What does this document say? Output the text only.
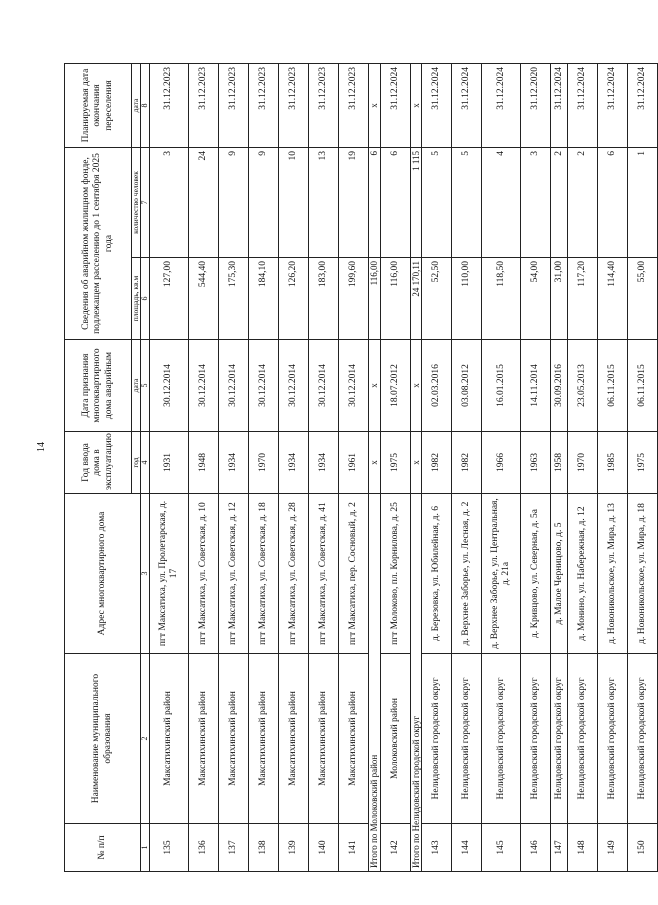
14
№ п/п	Наименование муниципального образования	Адрес многоквартирного дома	Год ввода дома в эксплуатацию	Дата признания многоквартирного дома аварийным	Сведения об аварийном жилищном фонде, подлежащем расселению до 1 сентября 2025 года		Планируемая дата окончания переселения
			год	дата	площадь, кв.м	количество человек	дата
1	2	3	4	5	6	7	8
135	Максатихинский район	пгт Максатиха, ул. Пролетарская, д. 17	1931	30.12.2014	127,00	3	31.12.2023
136	Максатихинский район	пгт Максатиха, ул. Советская, д. 10	1948	30.12.2014	544,40	24	31.12.2023
137	Максатихинский район	пгт Максатиха, ул. Советская, д. 12	1934	30.12.2014	175,30	9	31.12.2023
138	Максатихинский район	пгт Максатиха, ул. Советская, д. 18	1970	30.12.2014	184,10	9	31.12.2023
139	Максатихинский район	пгт Максатиха, ул. Советская, д. 28	1934	30.12.2014	126,20	10	31.12.2023
140	Максатихинский район	пгт Максатиха, ул. Советская, д. 41	1934	30.12.2014	183,00	13	31.12.2023
141	Максатихинский район	пгт Максатиха, пер. Сосновый, д. 2	1961	30.12.2014	199,60	19	31.12.2023
Итого по Молоковский район			x	x	116,00	6	x
142	Молоковский район	пгт Молоково, пл. Корнилова, д. 25	1975	18.07.2012	116,00	6	31.12.2024
Итого по Нелидовский городской округ			x	x	24 170,11	1 115	x
143	Нелидовский городской округ	д. Березовка, ул. Юбилейная, д. 6	1982	02.03.2016	52,50	5	31.12.2024
144	Нелидовский городской округ	д. Верхнее Заборье, ул. Лесная, д. 2	1982	03.08.2012	110,00	5	31.12.2024
145	Нелидовский городской округ	д. Верхнее Заборье, ул. Центральная, д. 21а	1966	16.01.2015	118,50	4	31.12.2024
146	Нелидовский городской округ	д. Кривцово, ул. Северная, д. 5а	1963	14.11.2014	54,00	3	31.12.2020
147	Нелидовский городской округ	д. Малое Черницово, д. 5	1958	30.09.2016	31,00	2	31.12.2024
148	Нелидовский городской округ	д. Монино, ул. Набережная, д. 12	1970	23.05.2013	117,20	2	31.12.2024
149	Нелидовский городской округ	д. Новоникольское, ул. Мира, д. 13	1985	06.11.2015	114,40	6	31.12.2024
150	Нелидовский городской округ	д. Новоникольское, ул. Мира, д. 18	1975	06.11.2015	55,00	1	31.12.2024
